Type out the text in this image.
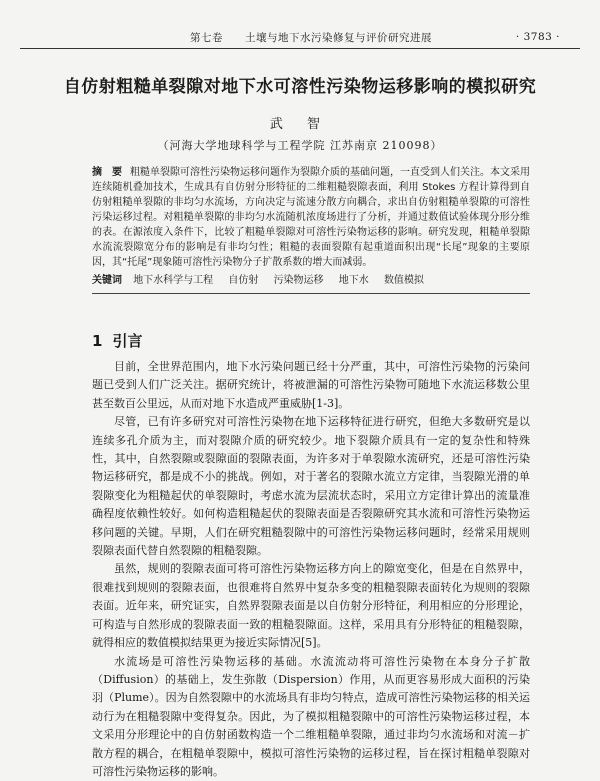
第七卷 土壤与地下水污染修复与评价研究进展	· 3783 ·
自仿射粗糙单裂隙对地下水可溶性污染物运移影响的模拟研究
武 智
（河海大学地球科学与工程学院 江苏南京 210098）
摘　要 粗糙单裂隙可溶性污染物运移问题作为裂隙介质的基础问题，一直受到人们关注。本文采用连续随机叠加技术，生成具有自仿射分形特征的二维粗糙裂隙表面，利用 Stokes 方程计算得到自仿射粗糙单裂隙的非均匀水流场，方向决定与流速分散方向耦合，求出自仿射粗糙单裂隙的可溶性污染运移过程。对粗糙单裂隙的非均匀水流随机浓度场进行了分析，并通过数值试验体现分形分维的表。在源浓度入条件下，比较了粗糙单裂隙对可溶性污染物运移的影响。研究发现，粗糙单裂隙水流流裂隙宽分布的影响是有非均匀性；粗糙的表面裂隙有起重道面积出现“长尾”现象的主要原因，其“托尾”现象随可溶性污染物分子扩散系数的增大而减弱。
关键词 地下水科学与工程 自仿射 污染物运移 地下水 数值模拟
1 引言

目前，全世界范围内，地下水污染问题已经十分严重，其中，可溶性污染物的污染问题已受到人们广泛关注。据研究统计，将被泄漏的可溶性污染物可随地下水流运移数公里甚至数百公里远，从而对地下水造成严重威胁[1-3]。

尽管，已有许多研究对可溶性污染物在地下运移特征进行研究，但绝大多数研究是以连续多孔介质为主，而对裂隙介质的研究较少。地下裂隙介质具有一定的复杂性和特殊性，其中，自然裂隙或裂隙面的裂隙表面，为许多对于单裂隙水流研究，还是可溶性污染物运移研究，都是成不小的挑战。例如，对于著名的裂隙水流立方定律，当裂隙光滑的单裂隙变化为粗糙起伏的单裂隙时，考虑水流为层流状态时，采用立方定律计算出的流量准确程度依赖性较好。如何构造粗糙起伏的裂隙表面是否裂隙研究其水流和可溶性污染物运移问题的关键。早期，人们在研究粗糙裂隙中的可溶性污染物运移问题时，经常采用规则裂隙表面代替自然裂隙的粗糙裂隙。

虽然，规则的裂隙表面可将可溶性污染物运移方向上的隙宽变化，但是在自然界中，很难找到规则的裂隙表面，也很难将自然界中复杂多变的粗糙裂隙表面转化为规则的裂隙表面。近年来，研究证实，自然界裂隙表面是以自仿射分形特征，利用相应的分形理论，可构造与自然形成的裂隙表面一致的粗糙裂隙面。这样，采用具有分形特征的粗糙裂隙，就得相应的数值模拟结果更为接近实际情况[5]。

水流场是可溶性污染物运移的基础。水流流动将可溶性污染物在本身分子扩散（Diffusion）的基础上，发生弥散（Dispersion）作用，从而更容易形成大面积的污染羽（Plume）。因为自然裂隙中的水流场具有非均匀特点，造成可溶性污染物运移的相关运动行为在粗糙裂隙中变得复杂。因此，为了模拟粗糙裂隙中的可溶性污染物运移过程，本文采用分形理论中的自仿射函数构造一个二维粗糙单裂隙，通过非均匀水流场和对流－扩散方程的耦合，在粗糙单裂隙中，模拟可溶性污染物的运移过程，旨在探讨粗糙单裂隙对可溶性污染物运移的影响。
